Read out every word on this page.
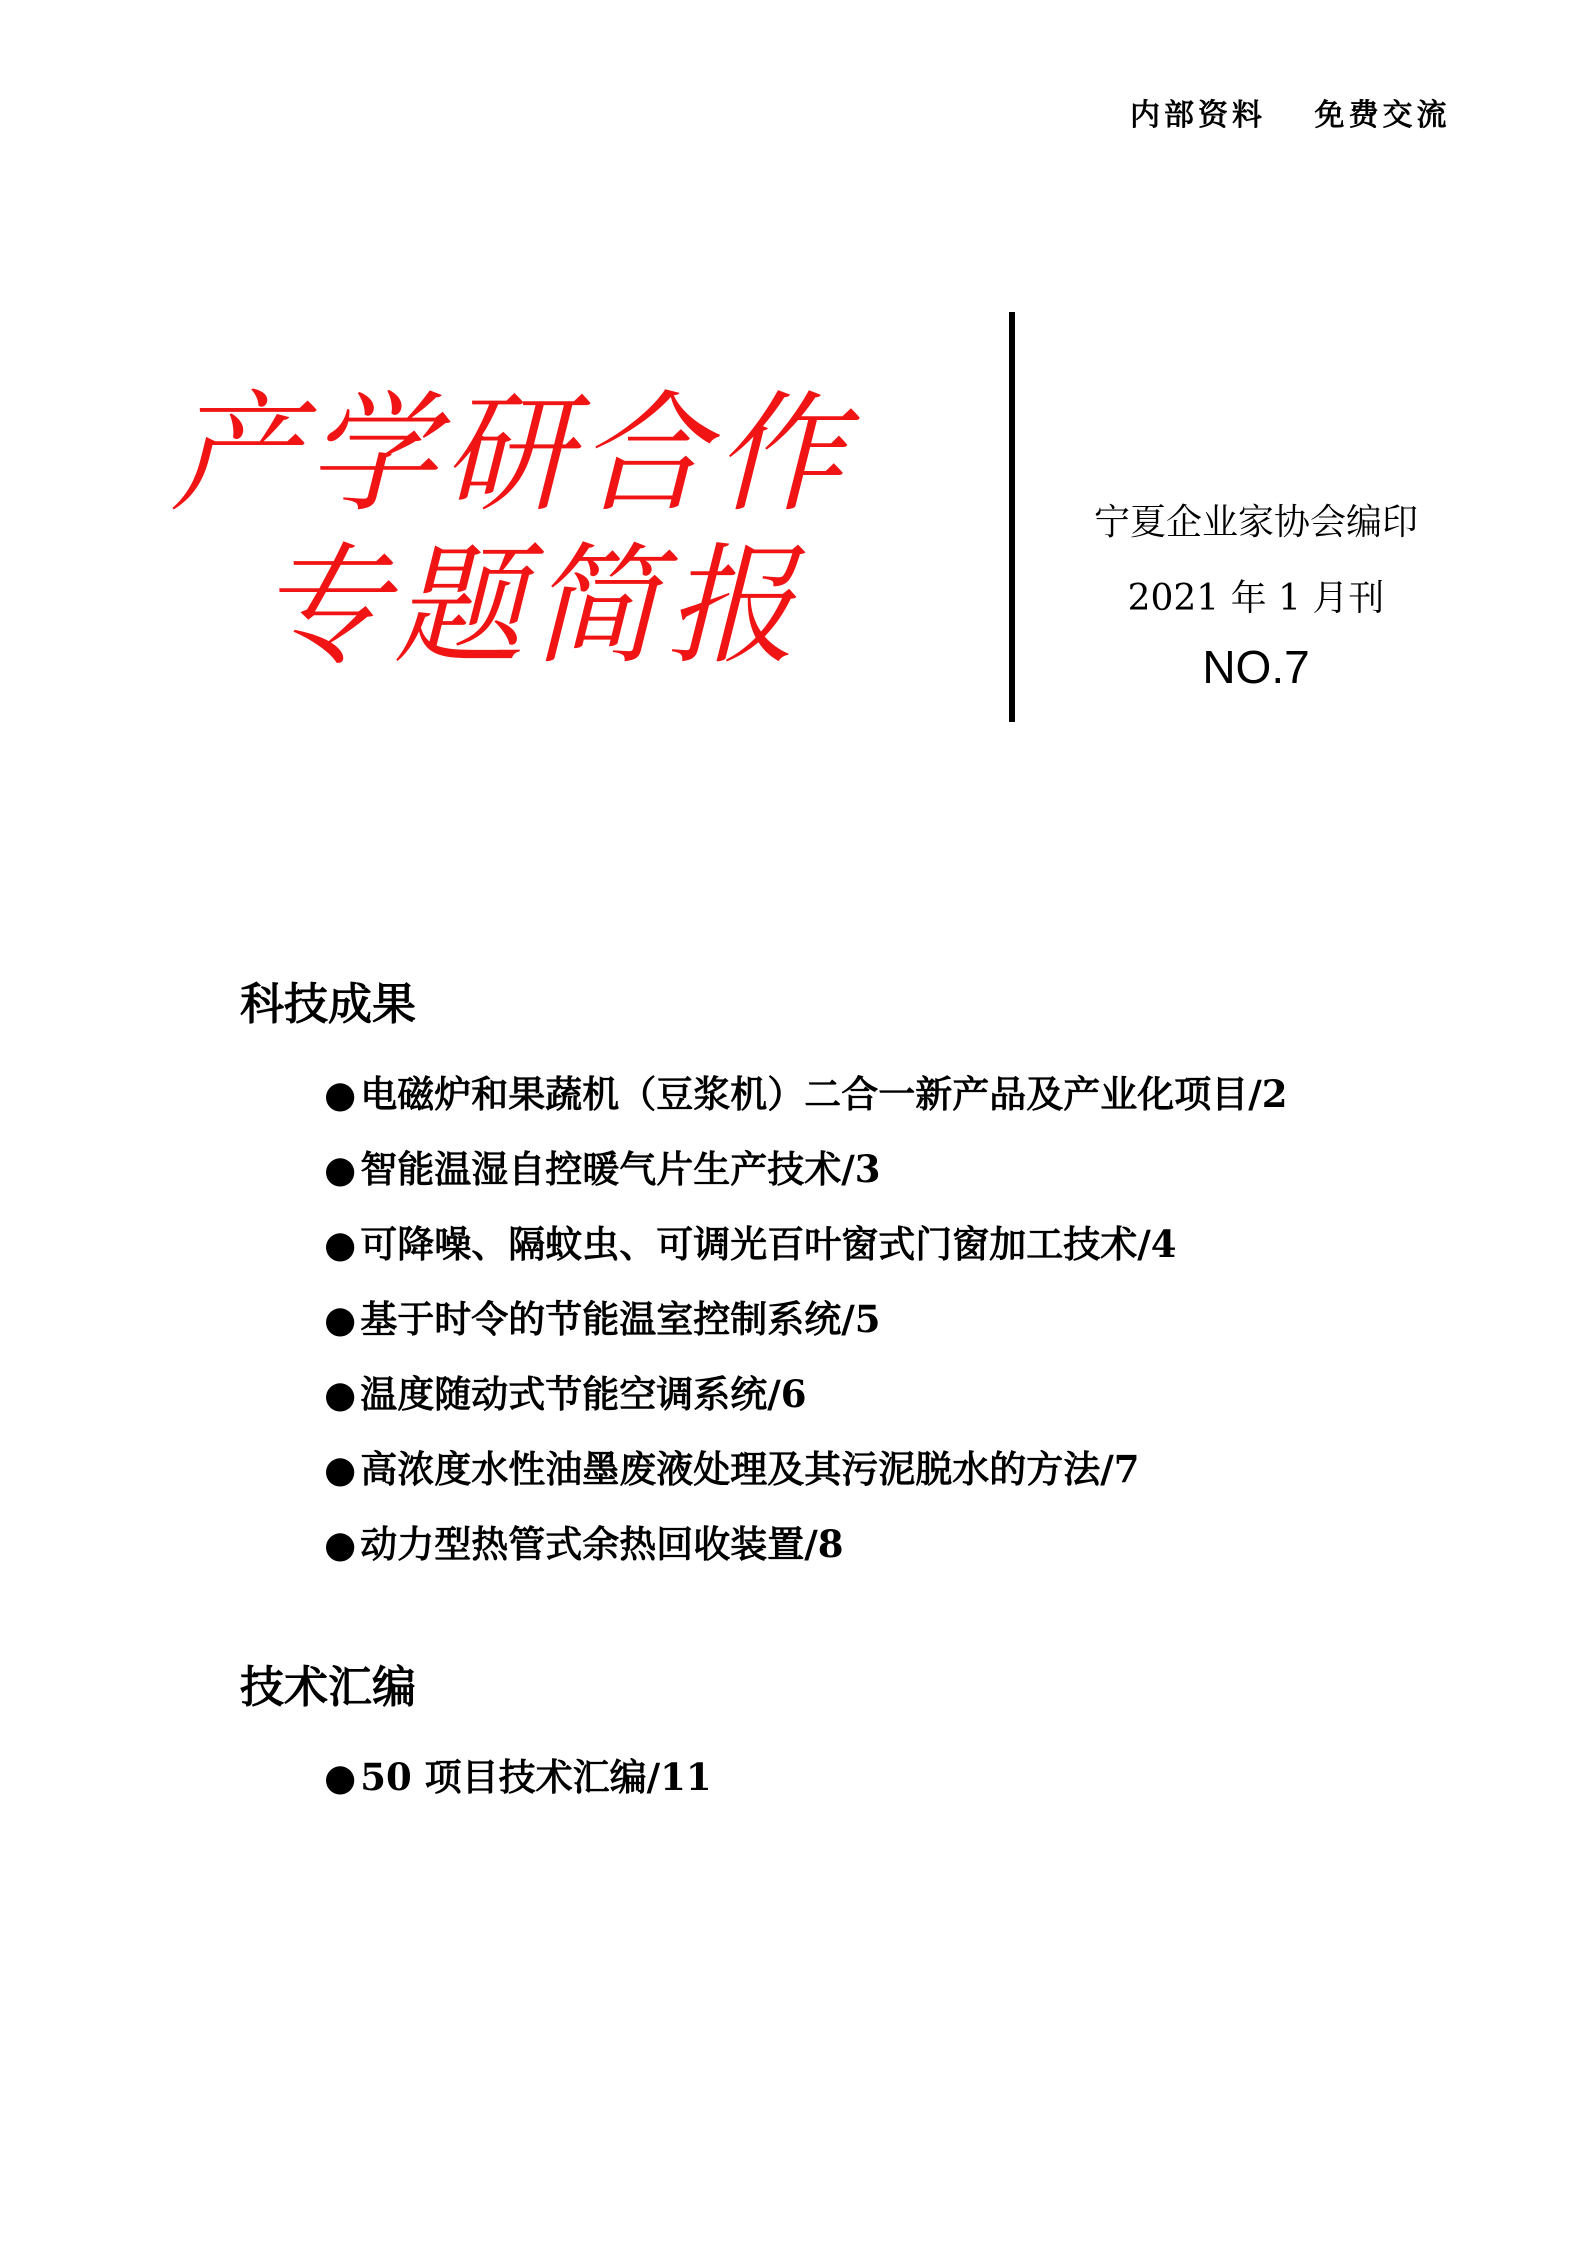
内部资料 免费交流
产学研合作
专题简报
宁夏企业家协会编印
2021 年 1 月刊
NO.7
科技成果
● 电磁炉和果蔬机（豆浆机）二合一新产品及产业化项目/2
● 智能温湿自控暖气片生产技术/3
● 可降噪、隔蚊虫、可调光百叶窗式门窗加工技术/4
● 基于时令的节能温室控制系统/5
● 温度随动式节能空调系统/6
● 高浓度水性油墨废液处理及其污泥脱水的方法/7
● 动力型热管式余热回收装置/8
技术汇编
● 50 项目技术汇编/11
